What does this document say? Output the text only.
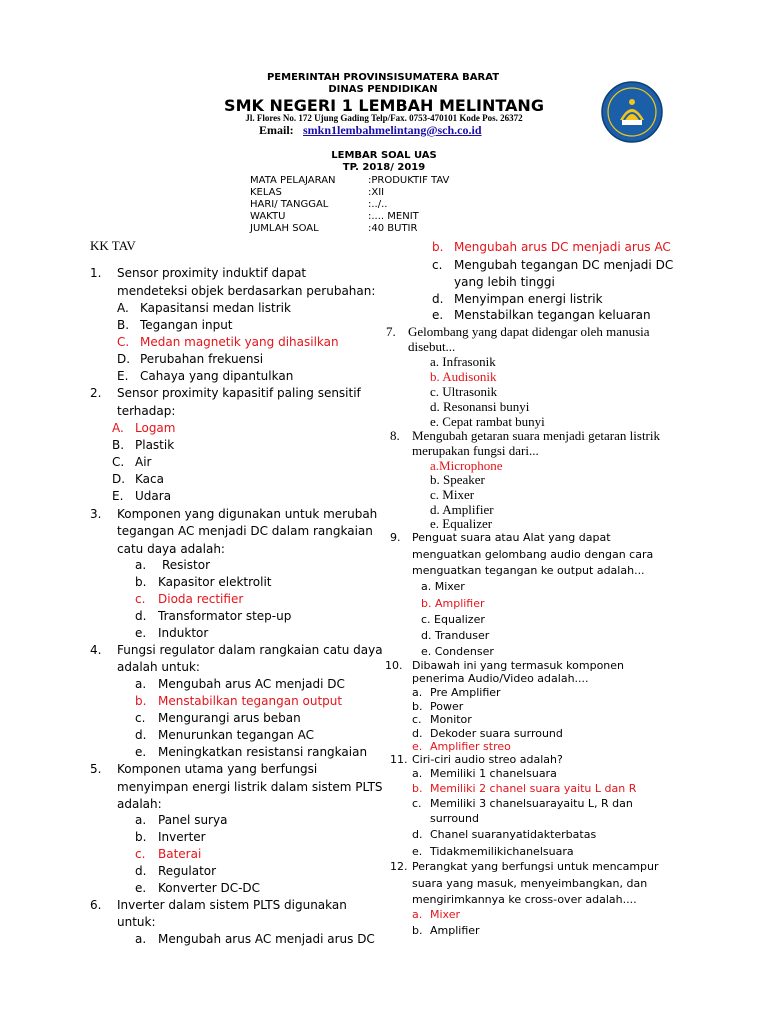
PEMERINTAH PROVINSISUMATERA BARAT
DINAS PENDIDIKAN
SMK NEGERI 1 LEMBAH MELINTANG
Jl. Flores No. 172 Ujung Gading Telp/Fax. 0753-470101 Kode Pos. 26372
Email: smkn1lembahmelintang@sch.co.id
LEMBAR SOAL UAS
TP. 2018/ 2019
MATA PELAJARAN
KELAS
HARI/ TANGGAL
WAKTU
JUMLAH SOAL
:PRODUKTIF TAV
:XII
:../..
:.... MENIT
:40 BUTIR
KK TAV
1. Sensor proximity induktif dapat
mendeteksi objek berdasarkan perubahan:
A. Kapasitansi medan listrik
B. Tegangan input
C. Medan magnetik yang dihasilkan
D. Perubahan frekuensi
E. Cahaya yang dipantulkan
2. Sensor proximity kapasitif paling sensitif
terhadap:
A. Logam
B. Plastik
C. Air
D. Kaca
E. Udara
3. Komponen yang digunakan untuk merubah
tegangan AC menjadi DC dalam rangkaian
catu daya adalah:
a. Resistor
b. Kapasitor elektrolit
c. Dioda rectifier
d. Transformator step-up
e. Induktor
4. Fungsi regulator dalam rangkaian catu daya
adalah untuk:
a. Mengubah arus AC menjadi DC
b. Menstabilkan tegangan output
c. Mengurangi arus beban
d. Menurunkan tegangan AC
e. Meningkatkan resistansi rangkaian
5. Komponen utama yang berfungsi
menyimpan energi listrik dalam sistem PLTS
adalah:
a. Panel surya
b. Inverter
c. Baterai
d. Regulator
e. Konverter DC-DC
6. Inverter dalam sistem PLTS digunakan
untuk:
a. Mengubah arus AC menjadi arus DC
b. Mengubah arus DC menjadi arus AC
c. Mengubah tegangan DC menjadi DC
yang lebih tinggi
d. Menyimpan energi listrik
e. Menstabilkan tegangan keluaran
7. Gelombang yang dapat didengar oleh manusia
disebut...
a. Infrasonik
b. Audisonik
c. Ultrasonik
d. Resonansi bunyi
e. Cepat rambat bunyi
8. Mengubah getaran suara menjadi getaran listrik
merupakan fungsi dari...
a.Microphone
b. Speaker
c. Mixer
d. Amplifier
e. Equalizer
9. Penguat suara atau Alat yang dapat
menguatkan gelombang audio dengan cara
menguatkan tegangan ke output adalah...
a. Mixer
b. Amplifier
c. Equalizer
d. Tranduser
e. Condenser
10. Dibawah ini yang termasuk komponen
penerima Audio/Video adalah....
a. Pre Amplifier
b. Power
c. Monitor
d. Dekoder suara surround
e. Amplifier streo
11. Ciri-ciri audio streo adalah?
a. Memiliki 1 chanelsuara
b. Memiliki 2 chanel suara yaitu L dan R
c. Memiliki 3 chanelsuarayaitu L, R dan
surround
d. Chanel suaranyatidakterbatas
e. Tidakmemilikichanelsuara
12. Perangkat yang berfungsi untuk mencampur
suara yang masuk, menyeimbangkan, dan
mengirimkannya ke cross-over adalah....
a. Mixer
b. Amplifier
